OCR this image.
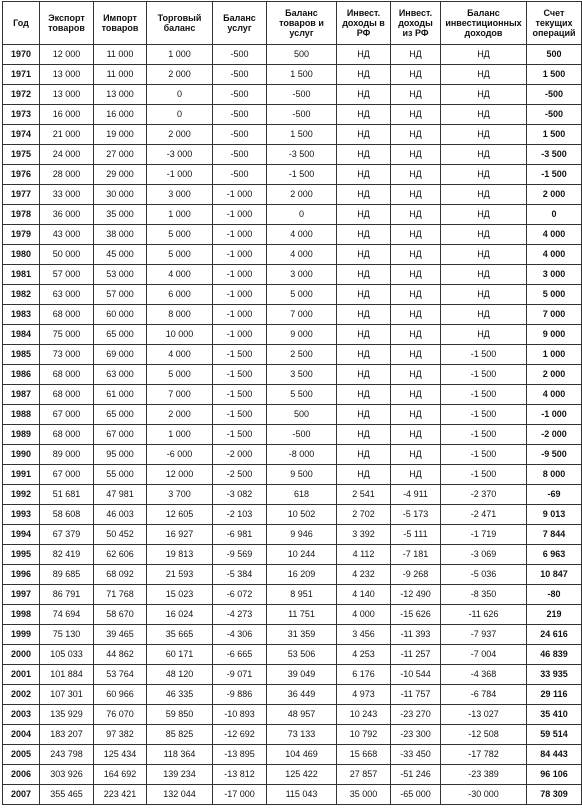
Год	Экспорт товаров	Импорт товаров	Торговый баланс	Баланс услуг	Баланс товаров и услуг	Инвест. доходы в РФ	Инвест. доходы из РФ	Баланс инвестиционных доходов	Счет текущих операций
1970	12 000	11 000	1 000	-500	500	НД	НД	НД	500
1971	13 000	11 000	2 000	-500	1 500	НД	НД	НД	1 500
1972	13 000	13 000	0	-500	-500	НД	НД	НД	-500
1973	16 000	16 000	0	-500	-500	НД	НД	НД	-500
1974	21 000	19 000	2 000	-500	1 500	НД	НД	НД	1 500
1975	24 000	27 000	-3 000	-500	-3 500	НД	НД	НД	-3 500
1976	28 000	29 000	-1 000	-500	-1 500	НД	НД	НД	-1 500
1977	33 000	30 000	3 000	-1 000	2 000	НД	НД	НД	2 000
1978	36 000	35 000	1 000	-1 000	0	НД	НД	НД	0
1979	43 000	38 000	5 000	-1 000	4 000	НД	НД	НД	4 000
1980	50 000	45 000	5 000	-1 000	4 000	НД	НД	НД	4 000
1981	57 000	53 000	4 000	-1 000	3 000	НД	НД	НД	3 000
1982	63 000	57 000	6 000	-1 000	5 000	НД	НД	НД	5 000
1983	68 000	60 000	8 000	-1 000	7 000	НД	НД	НД	7 000
1984	75 000	65 000	10 000	-1 000	9 000	НД	НД	НД	9 000
1985	73 000	69 000	4 000	-1 500	2 500	НД	НД	-1 500	1 000
1986	68 000	63 000	5 000	-1 500	3 500	НД	НД	-1 500	2 000
1987	68 000	61 000	7 000	-1 500	5 500	НД	НД	-1 500	4 000
1988	67 000	65 000	2 000	-1 500	500	НД	НД	-1 500	-1 000
1989	68 000	67 000	1 000	-1 500	-500	НД	НД	-1 500	-2 000
1990	89 000	95 000	-6 000	-2 000	-8 000	НД	НД	-1 500	-9 500
1991	67 000	55 000	12 000	-2 500	9 500	НД	НД	-1 500	8 000
1992	51 681	47 981	3 700	-3 082	618	2 541	-4 911	-2 370	-69
1993	58 608	46 003	12 605	-2 103	10 502	2 702	-5 173	-2 471	9 013
1994	67 379	50 452	16 927	-6 981	9 946	3 392	-5 111	-1 719	7 844
1995	82 419	62 606	19 813	-9 569	10 244	4 112	-7 181	-3 069	6 963
1996	89 685	68 092	21 593	-5 384	16 209	4 232	-9 268	-5 036	10 847
1997	86 791	71 768	15 023	-6 072	8 951	4 140	-12 490	-8 350	-80
1998	74 694	58 670	16 024	-4 273	11 751	4 000	-15 626	-11 626	219
1999	75 130	39 465	35 665	-4 306	31 359	3 456	-11 393	-7 937	24 616
2000	105 033	44 862	60 171	-6 665	53 506	4 253	-11 257	-7 004	46 839
2001	101 884	53 764	48 120	-9 071	39 049	6 176	-10 544	-4 368	33 935
2002	107 301	60 966	46 335	-9 886	36 449	4 973	-11 757	-6 784	29 116
2003	135 929	76 070	59 850	-10 893	48 957	10 243	-23 270	-13 027	35 410
2004	183 207	97 382	85 825	-12 692	73 133	10 792	-23 300	-12 508	59 514
2005	243 798	125 434	118 364	-13 895	104 469	15 668	-33 450	-17 782	84 443
2006	303 926	164 692	139 234	-13 812	125 422	27 857	-51 246	-23 389	96 106
2007	355 465	223 421	132 044	-17 000	115 043	35 000	-65 000	-30 000	78 309
